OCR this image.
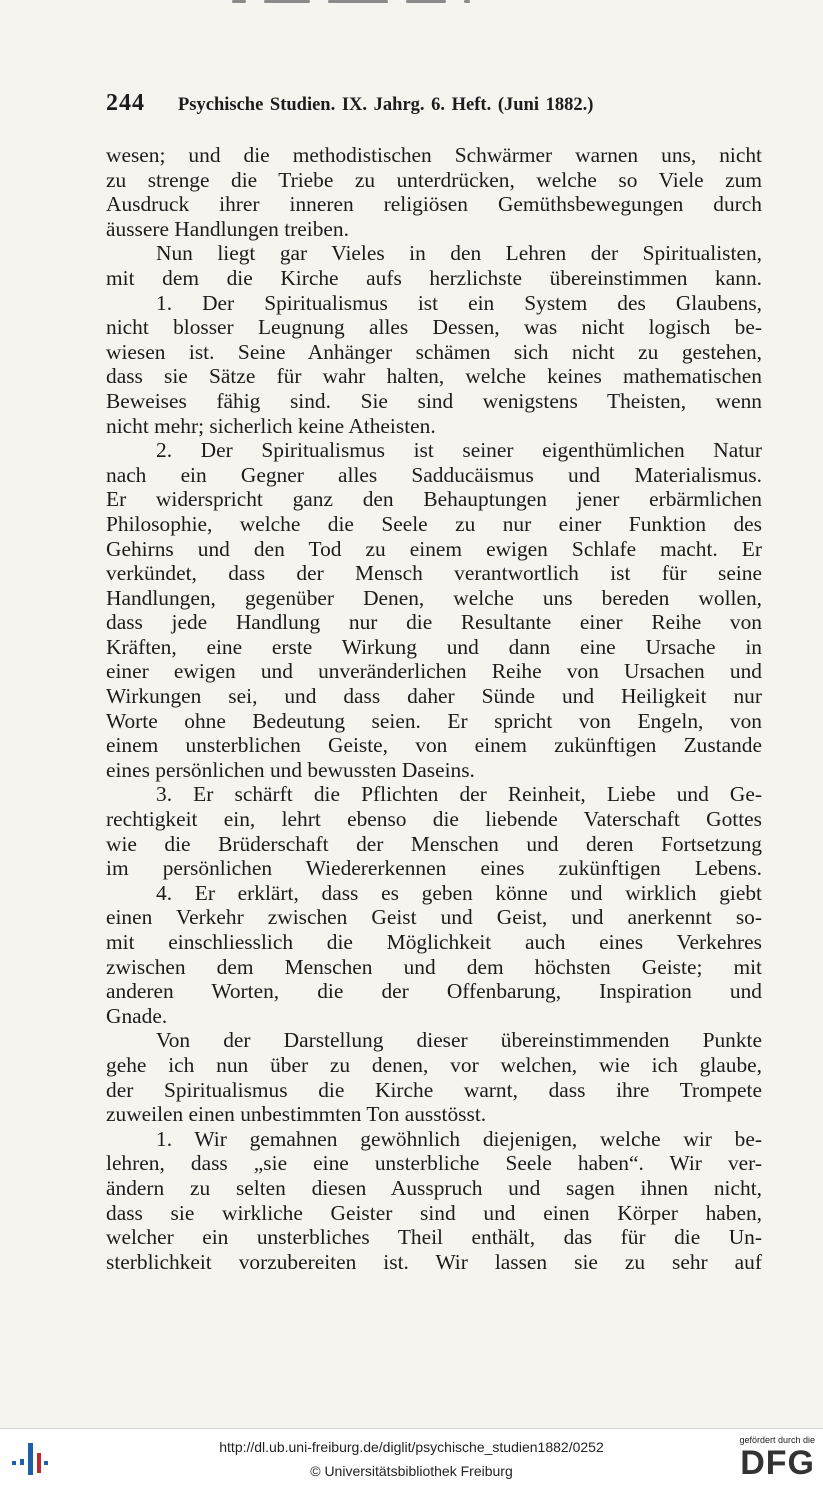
244	Psychische Studien. IX. Jahrg. 6. Heft. (Juni 1882.)
wesen; und die methodistischen Schwärmer warnen uns, nicht
zu strenge die Triebe zu unterdrücken, welche so Viele zum
Ausdruck ihrer inneren religiösen Gemüthsbewegungen durch
äussere Handlungen treiben.
Nun liegt gar Vieles in den Lehren der Spiritualisten,
mit dem die Kirche aufs herzlichste übereinstimmen kann.
1. Der Spiritualismus ist ein System des Glaubens,
nicht blosser Leugnung alles Dessen, was nicht logisch be-
wiesen ist. Seine Anhänger schämen sich nicht zu gestehen,
dass sie Sätze für wahr halten, welche keines mathematischen
Beweises fähig sind. Sie sind wenigstens Theisten, wenn
nicht mehr; sicherlich keine Atheisten.
2. Der Spiritualismus ist seiner eigenthümlichen Natur
nach ein Gegner alles Sadducäismus und Materialismus.
Er widerspricht ganz den Behauptungen jener erbärmlichen
Philosophie, welche die Seele zu nur einer Funktion des
Gehirns und den Tod zu einem ewigen Schlafe macht. Er
verkündet, dass der Mensch verantwortlich ist für seine
Handlungen, gegenüber Denen, welche uns bereden wollen,
dass jede Handlung nur die Resultante einer Reihe von
Kräften, eine erste Wirkung und dann eine Ursache in
einer ewigen und unveränderlichen Reihe von Ursachen und
Wirkungen sei, und dass daher Sünde und Heiligkeit nur
Worte ohne Bedeutung seien. Er spricht von Engeln, von
einem unsterblichen Geiste, von einem zukünftigen Zustande
eines persönlichen und bewussten Daseins.
3. Er schärft die Pflichten der Reinheit, Liebe und Ge-
rechtigkeit ein, lehrt ebenso die liebende Vaterschaft Gottes
wie die Brüderschaft der Menschen und deren Fortsetzung
im persönlichen Wiedererkennen eines zukünftigen Lebens.
4. Er erklärt, dass es geben könne und wirklich giebt
einen Verkehr zwischen Geist und Geist, und anerkennt so-
mit einschliesslich die Möglichkeit auch eines Verkehres
zwischen dem Menschen und dem höchsten Geiste; mit
anderen Worten, die der Offenbarung, Inspiration und
Gnade.
Von der Darstellung dieser übereinstimmenden Punkte
gehe ich nun über zu denen, vor welchen, wie ich glaube,
der Spiritualismus die Kirche warnt, dass ihre Trompete
zuweilen einen unbestimmten Ton ausstösst.
1. Wir gemahnen gewöhnlich diejenigen, welche wir be-
lehren, dass „sie eine unsterbliche Seele haben“. Wir ver-
ändern zu selten diesen Ausspruch und sagen ihnen nicht,
dass sie wirkliche Geister sind und einen Körper haben,
welcher ein unsterbliches Theil enthält, das für die Un-
sterblichkeit vorzubereiten ist. Wir lassen sie zu sehr auf
http://dl.ub.uni-freiburg.de/diglit/psychische_studien1882/0252
© Universitätsbibliothek Freiburg
gefördert durch die
DFG
